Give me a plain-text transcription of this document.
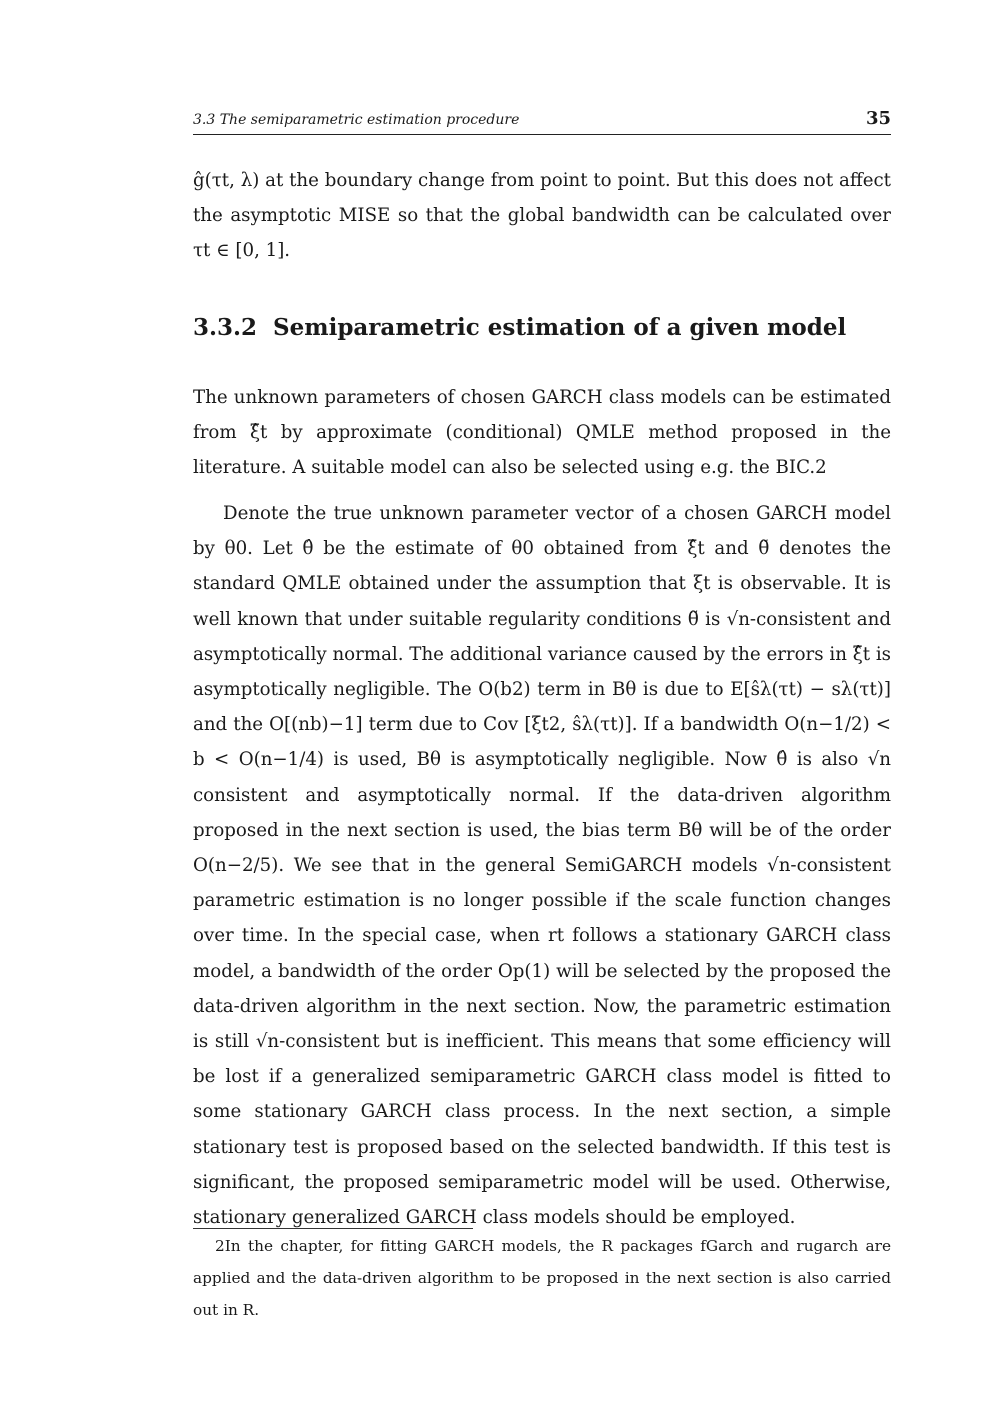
3.3 The semiparametric estimation procedure	35

ĝ(τt, λ) at the boundary change from point to point. But this does not affect the asymptotic MISE so that the global bandwidth can be calculated over τt ∈ [0, 1].

3.3.2 Semiparametric estimation of a given model

The unknown parameters of chosen GARCH class models can be estimated from ξ̂t by approximate (conditional) QMLE method proposed in the literature. A suitable model can also be selected using e.g. the BIC.2

Denote the true unknown parameter vector of a chosen GARCH model by θ0. Let θ̂ be the estimate of θ0 obtained from ξ̂t and θ̃ denotes the standard QMLE obtained under the assumption that ξt is observable. It is well known that under suitable regularity conditions θ̃ is √n-consistent and asymptotically normal. The additional variance caused by the errors in ξ̂t is asymptotically negligible. The O(b2) term in Bθ is due to E[ŝλ(τt) − sλ(τt)] and the O[(nb)−1] term due to Cov [ξt2, ŝλ(τt)]. If a bandwidth O(n−1/2) < b < O(n−1/4) is used, Bθ is asymptotically negligible. Now θ̂ is also √n consistent and asymptotically normal. If the data-driven algorithm proposed in the next section is used, the bias term Bθ will be of the order O(n−2/5). We see that in the general SemiGARCH models √n-consistent parametric estimation is no longer possible if the scale function changes over time. In the special case, when rt follows a stationary GARCH class model, a bandwidth of the order Op(1) will be selected by the proposed the data-driven algorithm in the next section. Now, the parametric estimation is still √n-consistent but is inefficient. This means that some efficiency will be lost if a generalized semiparametric GARCH class model is fitted to some stationary GARCH class process. In the next section, a simple stationary test is proposed based on the selected bandwidth. If this test is significant, the proposed semiparametric model will be used. Otherwise, stationary generalized GARCH class models should be employed.

2In the chapter, for fitting GARCH models, the R packages fGarch and rugarch are applied and the data-driven algorithm to be proposed in the next section is also carried out in R.
